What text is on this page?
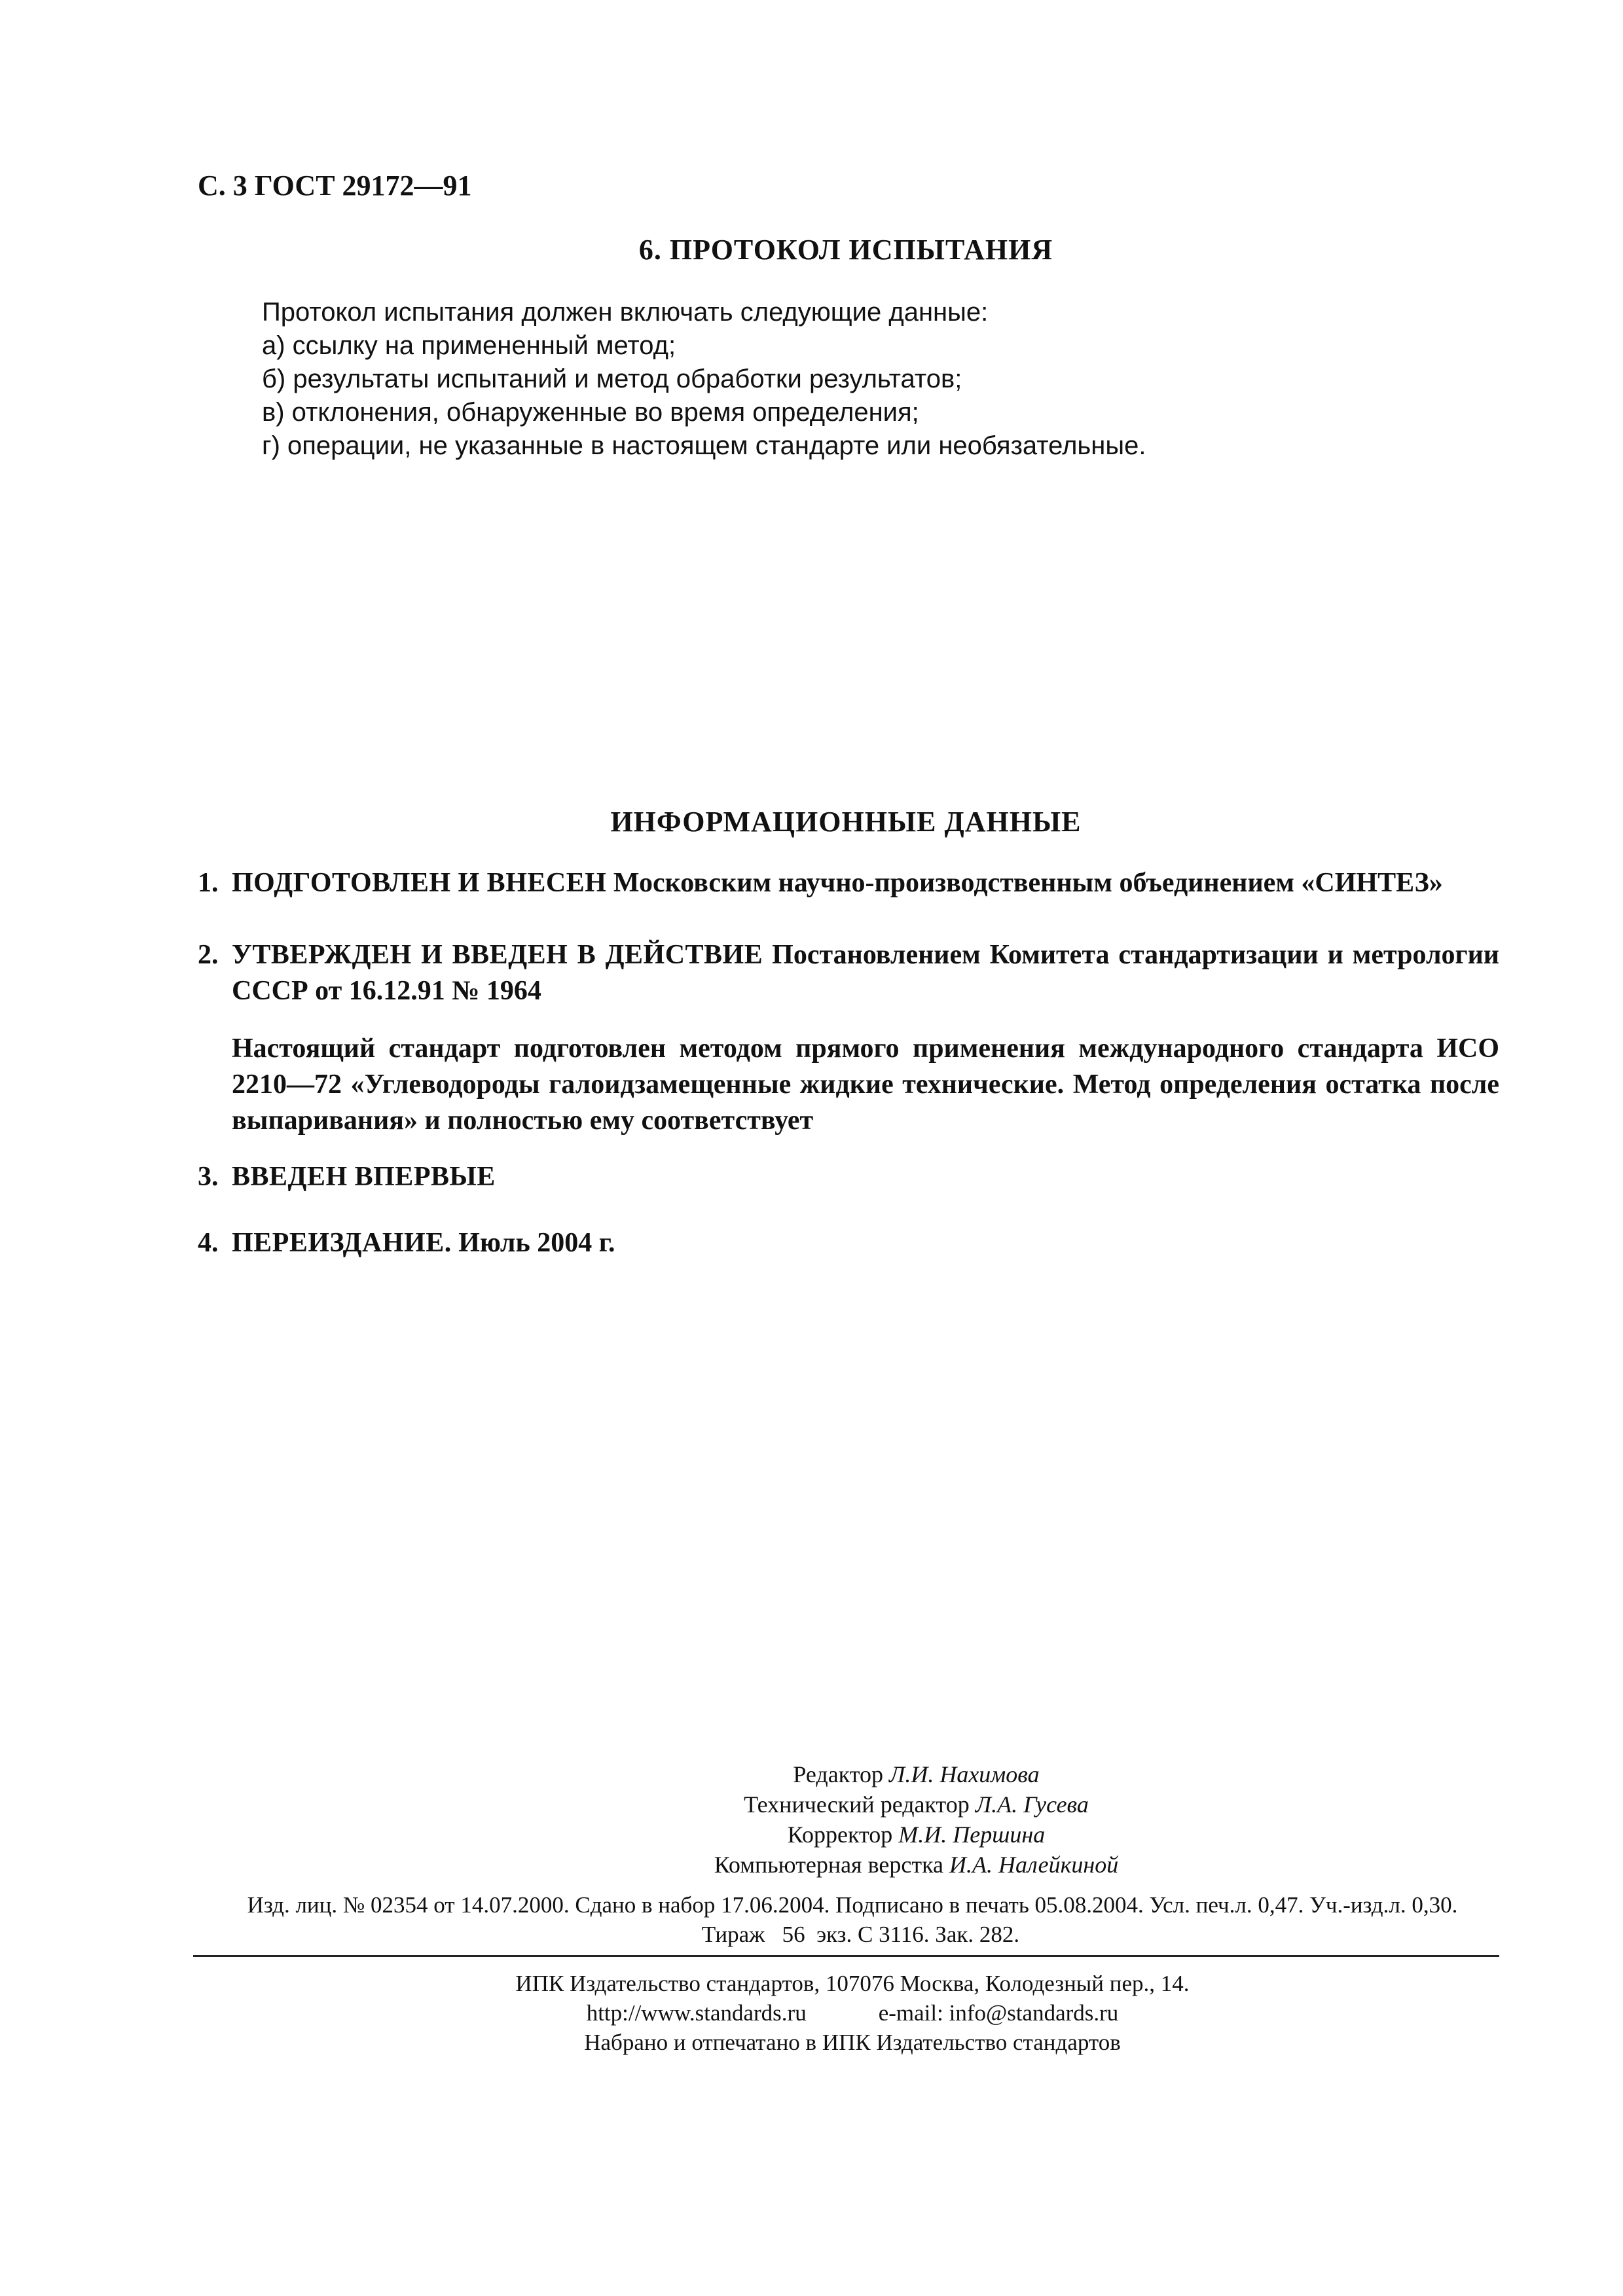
С. 3 ГОСТ 29172—91
6. ПРОТОКОЛ ИСПЫТАНИЯ
Протокол испытания должен включать следующие данные:
а) ссылку на примененный метод;
б) результаты испытаний и метод обработки результатов;
в) отклонения, обнаруженные во время определения;
г) операции, не указанные в настоящем стандарте или необязательные.
ИНФОРМАЦИОННЫЕ ДАННЫЕ
1. ПОДГОТОВЛЕН И ВНЕСЕН Московским научно-производственным объединением «СИНТЕЗ»
2. УТВЕРЖДЕН И ВВЕДЕН В ДЕЙСТВИЕ Постановлением Комитета стандартизации и метрологии СССР от 16.12.91 № 1964
Настоящий стандарт подготовлен методом прямого применения международного стандарта ИСО 2210—72 «Углеводороды галоидзамещенные жидкие технические. Метод определения остатка после выпаривания» и полностью ему соответствует
3. ВВЕДЕН ВПЕРВЫЕ
4. ПЕРЕИЗДАНИЕ. Июль 2004 г.
Редактор Л.И. Нахимова
Технический редактор Л.А. Гусева
Корректор М.И. Першина
Компьютерная верстка И.А. Налейкиной
Изд. лиц. № 02354 от 14.07.2000. Сдано в набор 17.06.2004. Подписано в печать 05.08.2004. Усл. печ.л. 0,47. Уч.-изд.л. 0,30.
Тираж   56  экз. С 3116. Зак. 282.
ИПК Издательство стандартов, 107076 Москва, Колодезный пер., 14.
http://www.standards.ru	e-mail: info@standards.ru
Набрано и отпечатано в ИПК Издательство стандартов
